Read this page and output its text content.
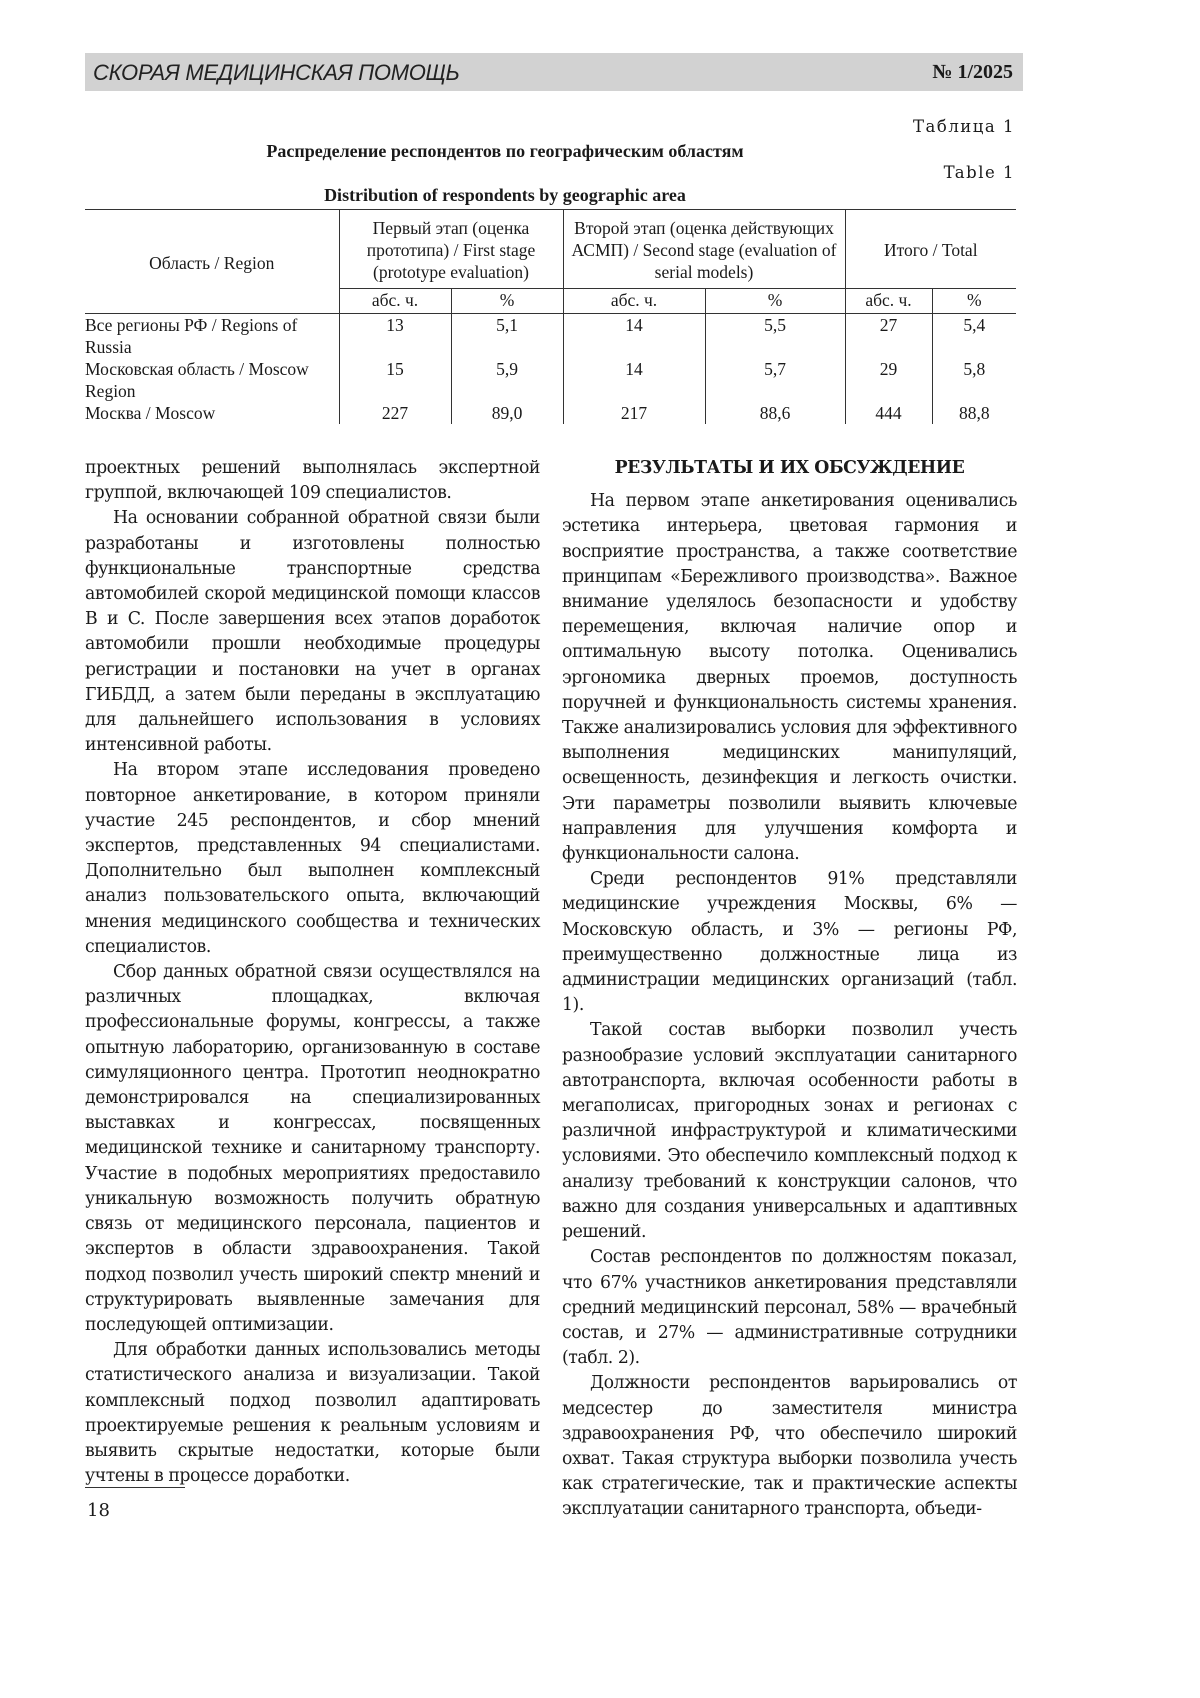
СКОРАЯ МЕДИЦИНСКАЯ ПОМОЩЬ	№ 1/2025
Таблица 1
Распределение респондентов по географическим областям
Table 1
Distribution of respondents by geographic area
Область / Region	Первый этап (оценка прототипа) / First stage (prototype evaluation)	Второй этап (оценка действующих АСМП) / Second stage (evaluation of serial models)	Итого / Total
абс. ч.	%	абс. ч.	%	абс. ч.	%
Все регионы РФ / Regions of Russia	13	5,1	14	5,5	27	5,4
Московская область / Moscow Region	15	5,9	14	5,7	29	5,8
Москва / Moscow	227	89,0	217	88,6	444	88,8

проектных решений выполнялась экспертной группой, включающей 109 специалистов.

На основании собранной обратной связи были разработаны и изготовлены полностью функциональные транспортные средства автомобилей скорой медицинской помощи классов B и C. После завершения всех этапов доработок автомобили прошли необходимые процедуры регистрации и постановки на учет в органах ГИБДД, а затем были переданы в эксплуатацию для дальнейшего использования в условиях интенсивной работы.

На втором этапе исследования проведено повторное анкетирование, в котором приняли участие 245 респондентов, и сбор мнений экспертов, представленных 94 специалистами. Дополнительно был выполнен комплексный анализ пользовательского опыта, включающий мнения медицинского сообщества и технических специалистов.

Сбор данных обратной связи осуществлялся на различных площадках, включая профессиональные форумы, конгрессы, а также опытную лабораторию, организованную в составе симуляционного центра. Прототип неоднократно демонстрировался на специализированных выставках и конгрессах, посвященных медицинской технике и санитарному транспорту. Участие в подобных мероприятиях предоставило уникальную возможность получить обратную связь от медицинского персонала, пациентов и экспертов в области здравоохранения. Такой подход позволил учесть широкий спектр мнений и структурировать выявленные замечания для последующей оптимизации.

Для обработки данных использовались методы статистического анализа и визуализации. Такой комплексный подход позволил адаптировать проектируемые решения к реальным условиям и выявить скрытые недостатки, которые были учтены в процессе доработки.

РЕЗУЛЬТАТЫ И ИХ ОБСУЖДЕНИЕ

На первом этапе анкетирования оценивались эстетика интерьера, цветовая гармония и восприятие пространства, а также соответствие принципам «Бережливого производства». Важное внимание уделялось безопасности и удобству перемещения, включая наличие опор и оптимальную высоту потолка. Оценивались эргономика дверных проемов, доступность поручней и функциональность системы хранения. Также анализировались условия для эффективного выполнения медицинских манипуляций, освещенность, дезинфекция и легкость очистки. Эти параметры позволили выявить ключевые направления для улучшения комфорта и функциональности салона.

Среди респондентов 91% представляли медицинские учреждения Москвы, 6% — Московскую область, и 3% — регионы РФ, преимущественно должностные лица из администрации медицинских организаций (табл. 1).

Такой состав выборки позволил учесть разнообразие условий эксплуатации санитарного автотранспорта, включая особенности работы в мегаполисах, пригородных зонах и регионах с различной инфраструктурой и климатическими условиями. Это обеспечило комплексный подход к анализу требований к конструкции салонов, что важно для создания универсальных и адаптивных решений.

Состав респондентов по должностям показал, что 67% участников анкетирования представляли средний медицинский персонал, 58% — врачебный состав, и 27% — административные сотрудники (табл. 2).

Должности респондентов варьировались от медсестер до заместителя министра здравоохранения РФ, что обеспечило широкий охват. Такая структура выборки позволила учесть как стратегические, так и практические аспекты эксплуатации санитарного транспорта, объеди-

18
